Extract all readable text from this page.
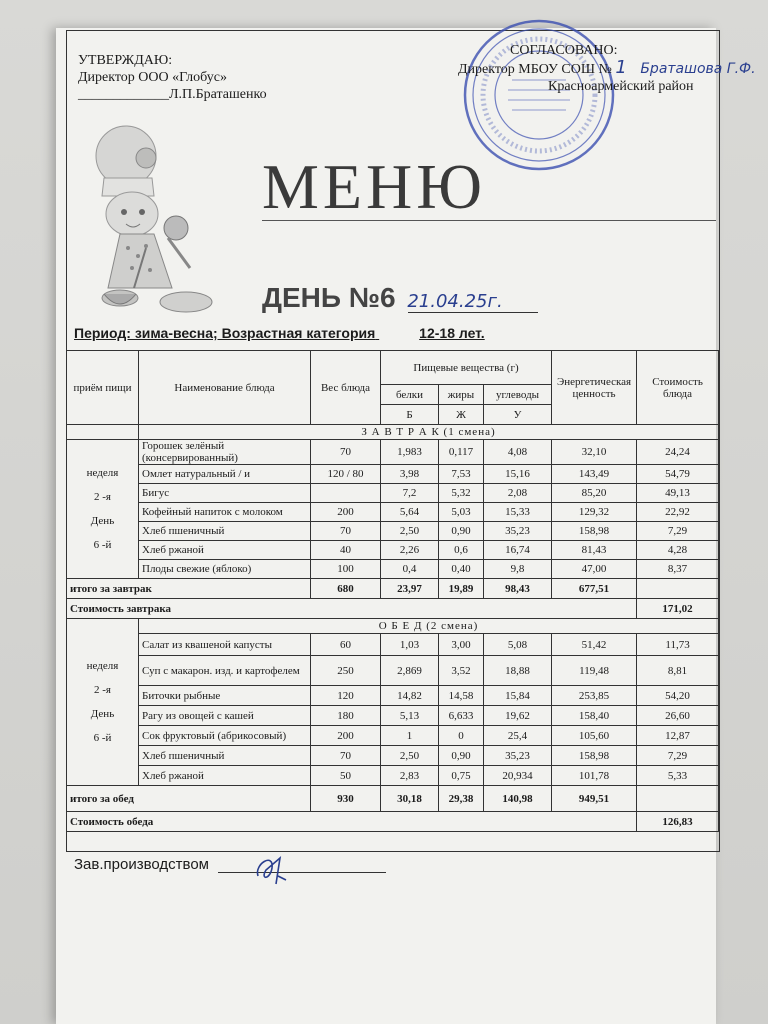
УТВЕРЖДАЮ:
Директор ООО «Глобус»
_____________Л.П.Браташенко
СОГЛАСОВАНО:
Директор МБОУ СОШ № 1 Браташова Г.Ф.
Красноармейский район
МЕНЮ
ДЕНЬ №6 21.04.25г.
Период: зима-весна; Возрастная категория	12-18 лет.
приём пищи	Наименование блюда	Вес блюда	Пищевые вещества (г)			Энергетическая ценность	Стоимость блюда
			белки	жиры	углеводы		
			Б	Ж	У		
	З А В Т Р А К (1 смена)						

неделя
2 -я
День
6 -й	Горошек зелёный (консервированный)	70	1,983	0,117	4,08	32,10	24,24
	Омлет натуральный / и	120 / 80	3,98	7,53	15,16	143,49	54,79
	Бигус		7,2	5,32	2,08	85,20	49,13
	Кофейный напиток с молоком	200	5,64	5,03	15,33	129,32	22,92
	Хлеб пшеничный	70	2,50	0,90	35,23	158,98	7,29
	Хлеб ржаной	40	2,26	0,6	16,74	81,43	4,28
	Плоды свежие (яблоко)	100	0,4	0,40	9,8	47,00	8,37
итого за завтрак		680	23,97	19,89	98,43	677,51	
Стоимость завтрака							171,02

неделя
2 -я
День
6 -й	О Б Е Д (2 смена)						
	Салат из квашеной капусты	60	1,03	3,00	5,08	51,42	11,73
	Суп с макарон. изд. и картофелем	250	2,869	3,52	18,88	119,48	8,81
	Биточки рыбные	120	14,82	14,58	15,84	253,85	54,20
	Рагу из овощей с кашей	180	5,13	6,633	19,62	158,40	26,60
	Сок фруктовый (абрикосовый)	200	1	0	25,4	105,60	12,87
	Хлеб пшеничный	70	2,50	0,90	35,23	158,98	7,29
	Хлеб ржаной	50	2,83	0,75	20,934	101,78	5,33
итого за обед		930	30,18	29,38	140,98	949,51	
Стоимость обеда							126,83
Зав.производством
